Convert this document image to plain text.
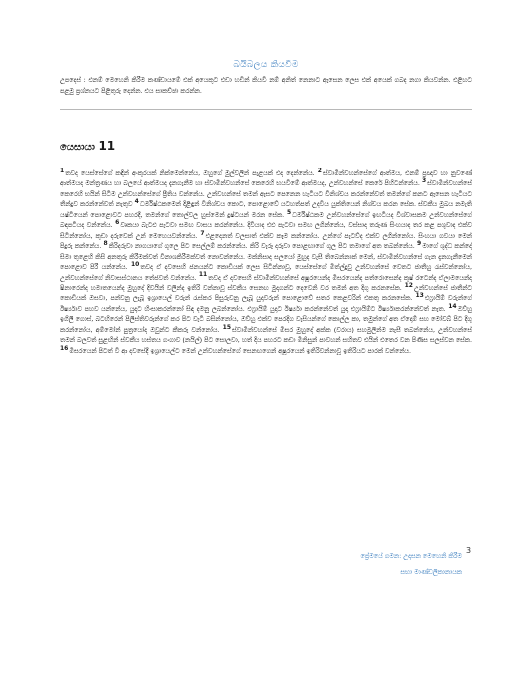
බයිබලය කියවීම
උපදෙස් : එනම් මෙහෙනි කිරීම කණ්ඩායමේ එක් අයෙකුට එඩා හඩින් කියවී නම් අනිත් නෙනාට ඇසෙන ලෙස එක් අයෙක් ගබද නගා කියවන්න. එළිහට පළමු ප්‍රශ්නයට පිළිතුරු දෙන්න. එය සාකච්ඡා කරන්න.
යෙසායා 11
1තවද යෙස්සේගේ කඳින් අංකුරයක් නික්මෙන්නේය, ඔහුගේ මුල්වලින් පැළයක් එද දෙන්නේය. 2ස්වාමීන්වහන්සේගේ ආත්මය, එනම් ප්‍රඥාව හා නුවණේ ආත්මයද මන්ත්‍රණය හා බලයේ ආත්මයද දැනගැනීම හා ස්වාමීන්වහන්සේ කෙරෙහි භයවීමේ ආත්මයද, උන්වහන්සේ කෙරේ පිහිටන්නේය. 3ස්වාමීන්වහන්සේ කෙරෙහි භයින් සිටීම උන්වහන්සේගේ ප්‍රීතිය වන්නේය. උන්වහන්සේ තමන් ඇසට පෙනෙන හැටියට විනිශ්චය කරන්නේවත් තමන්ගේ කනට ඇසෙන හැටියට තීන්දුව කරන්නේවත් නැතුව 4ධර්මිෂ්ඨකමෙන් දිළිඳුන් විනිශ්චය කොට, පොළොවේ යටහත්පත් උදවිය යුක්තියෙන් නිශ්චය කරන සේක. ස්වකීය මුඛය නමැති යෂ්ටියෙන් පොළොවට පහරදී, තමන්ගේ තොල්වල හුස්මෙන් දුෂ්ටයන් මරන සේක. 5ධර්මිෂ්ඨකම උන්වහන්සේගේ ඉඟටියද විශ්වාසකම උන්වහන්සේගේ බඳපටියද වන්නේය. 6වෘකයා බැටළු පැටවා සමඟ වාසය කරන්නේය. දිවියාද එළු පැටවා සමඟ ලගින්නේය, වස්සාද තරුණ සිංහයාද තර කළ පශුවාද එක්ව සිටින්නෝය, කුඩා දරුවෙක් උන් මෙහෙයවන්නේය. 7එළදෙනත් වලසාත් එක්ව කෑම කන්නෝය. උන්ගේ පැටව්ද එක්ව ලගින්නෝය. සිංහයා ගවයා මෙන් පිදුරු කන්නේය. 8කිරිදරුවා නාගයාගේ ගුලෙ පිට සෙල්ලම් කරන්නේය. කිරි වැරූ දරුවා පොළඟාගේ ගුල පිට තමාගේ අත තබන්නේය. 9මාගේ ශුද්ධ කන්දේ සිමා තුළෙහි කිසි අනතුරු කිරීමක්වත් විනාශකිරීමක්වත් නොවන්නේය. මක්නිසාද සලයෝ මුහුද වැසී තිබෙන්නාක් මෙන්, ස්වාමීන්වහන්සේ ගැන දැනගැනීමෙන් පොළොව පිරී යන්නේය. 10තවද ඒ දවසෙහි ජනයන්ට කොඩියක් ලෙස සිටින්නාවූ, යෙස්සේගේ මිත්ල්දුවු උන්වහන්සේ වෙතට ජාතීහු රැස්වන්නෝය, උන්වහන්සේගේ නිවාසස්ථානය තේජවත් වන්නේය. 11තවද ඒ දවසෙහි ස්වාමීන්වහන්සේ අෂූරයෙන්ද මිසරයෙන්ද පත්රොසෙන්ද කුෂ් රටෙන්ද ඒලාමයෙන්ද ෂිනාරෙන්ද හමාතයෙන්ද මුහුදේ දිවයින් වලින්ද ඉතිරි වන්නාවූ ස්වකීය සෙනඟ මුදාගන්ට දෙවෙනි වර තමන් අත දිගු කරනසේක. 12උන්වහන්සේ ජාතීන්ට කොඩියක් ඔසවා, පන්වනු ලැබූ ඉශ්‍රායෙල් වරුන් රැස්කර පිසුරුවනු ලැබූ යුදාවරුන් පොළොවේ සතර කෙළවරින් එකතු කරනසේක. 13එෆ්‍රායිම් වරුන්ගේ ඊර්ෂ්‍යාව පහව යන්නේය, යුදාට හිංසාකරන්නෝ සිඳ දමනු ලබන්නෝය. එෆ්‍රායිම් යුදාට ඊර්ෂ්‍යා කරන්නේවත් යුදා එෆ්‍රායිම්ට ඊර්ෂ්‍යාකරන්නේවත් නැත. 14ඔව්හු ඉගිලී ගොස්, බටහිරෙන් පිලිස්තිවරුන්ගේ කර පිට වැටී බසින්නෝය, ඔව්හු එක්ව පෙරදිග වැසියන්ගේ කොල්ල කා, තමුන්ගේ අත ඒදොම් සහ මෝවබ් පිට දිගු කරන්නෝය, අම්මෝන් පුත්‍රයෝද ඔවුන්ට කීකරු වන්නෝය. 15ස්වාමීන්වහන්සේ මිසර මුහුදේ අක්ක (වරාය) සහමුලින්ම නැසී තබන්නේය, උන්වහන්සේ තමන් බලවත් සුළඟින් ස්වකීය හස්තය ගංගාව (නයිල්) පිට සොලවා, හත් දිය පහරට කඩා මිනිසුන් පාවහන් සහිතව එයින් එතෙර වන පිණිස සලස්වන සේක. 16මිසරයෙන් පිටත් වී ආ දවසේදී ඉශ්‍රායෙල්ට මෙන් උන්වහන්සේගේ සෙනඟගෙන් අෂූරයෙන් ඉතිරිවන්නාවූ ඉතිරියට පාරක් වන්නේය.
ප්‍රේමයේ ගමන: උදාසන මෙහෙනි කිරීම
සභා මාණ්ඩලිකානායක
3
